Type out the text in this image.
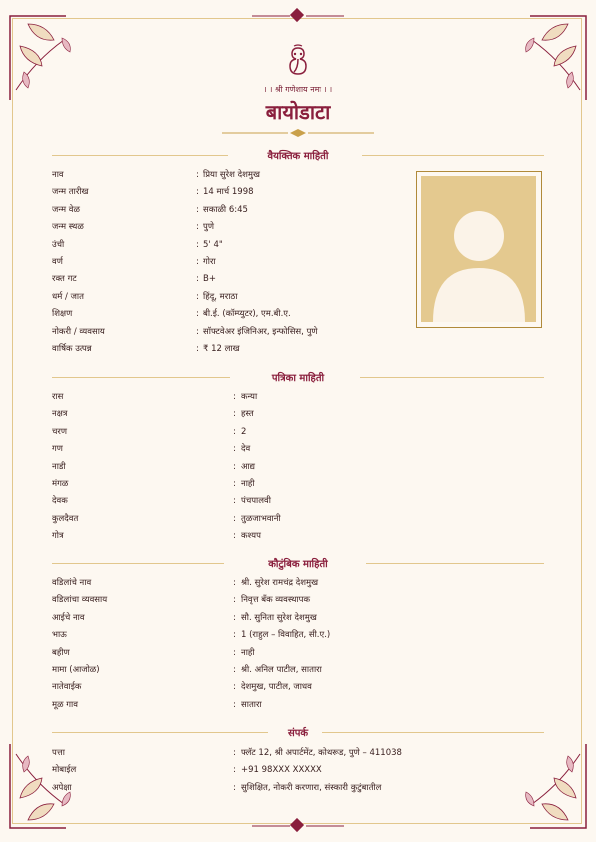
। । श्री गणेशाय नमः । ।
बायोडाटा
वैयक्तिक माहिती
नाव	: प्रिया सुरेश देशमुख
जन्म तारीख	: 14 मार्च 1998
जन्म वेळ	: सकाळी 6:45
जन्म स्थळ	: पुणे
उंची	: 5' 4"
वर्ण	: गोरा
रक्त गट	: B+
धर्म / जात	: हिंदू, मराठा
शिक्षण	: बी.ई. (कॉम्प्युटर), एम.बी.ए.
नोकरी / व्यवसाय	: सॉफ्टवेअर इंजिनिअर, इन्फोसिस, पुणे
वार्षिक उत्पन्न	: ₹ 12 लाख
पत्रिका माहिती
रास	: कन्या
नक्षत्र	: हस्त
चरण	: 2
गण	: देव
नाडी	: आद्य
मंगळ	: नाही
देवक	: पंचपालवी
कुलदैवत	: तुळजाभवानी
गोत्र	: कश्यप
कौटुंबिक माहिती
वडिलांचे नाव	: श्री. सुरेश रामचंद्र देशमुख
वडिलांचा व्यवसाय	: निवृत्त बँक व्यवस्थापक
आईचे नाव	: सौ. सुनिता सुरेश देशमुख
भाऊ	: 1 (राहुल – विवाहित, सी.ए.)
बहीण	: नाही
मामा (आजोळ)	: श्री. अनिल पाटील, सातारा
नातेवाईक	: देशमुख, पाटील, जाधव
मूळ गाव	: सातारा
संपर्क
पत्ता	: फ्लॅट 12, श्री अपार्टमेंट, कोथरूड, पुणे – 411038
मोबाईल	: +91 98XXX XXXXX
अपेक्षा	: सुशिक्षित, नोकरी करणारा, संस्कारी कुटुंबातील
